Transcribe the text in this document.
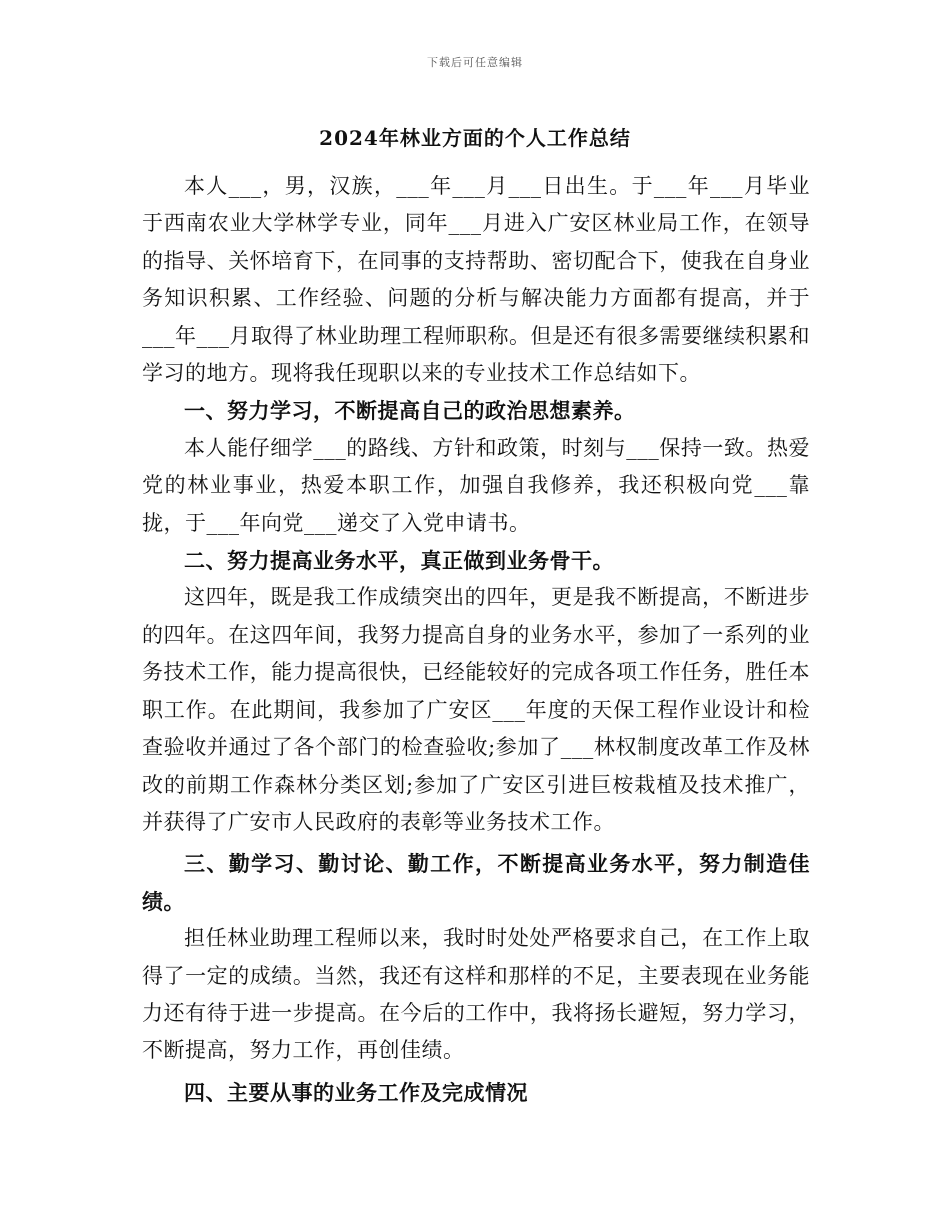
下载后可任意编辑
2024年林业方面的个人工作总结

本人___，男，汉族，___年___月___日出生。于___年___月毕业于西南农业大学林学专业，同年___月进入广安区林业局工作，在领导的指导、关怀培育下，在同事的支持帮助、密切配合下，使我在自身业务知识积累、工作经验、问题的分析与解决能力方面都有提高，并于___年___月取得了林业助理工程师职称。但是还有很多需要继续积累和学习的地方。现将我任现职以来的专业技术工作总结如下。

一、努力学习，不断提高自己的政治思想素养。

本人能仔细学___的路线、方针和政策，时刻与___保持一致。热爱党的林业事业，热爱本职工作，加强自我修养，我还积极向党___靠拢，于___年向党___递交了入党申请书。

二、努力提高业务水平，真正做到业务骨干。

这四年，既是我工作成绩突出的四年，更是我不断提高，不断进步的四年。在这四年间，我努力提高自身的业务水平，参加了一系列的业务技术工作，能力提高很快，已经能较好的完成各项工作任务，胜任本职工作。在此期间，我参加了广安区___年度的天保工程作业设计和检查验收并通过了各个部门的检查验收;参加了___林权制度改革工作及林改的前期工作森林分类区划;参加了广安区引进巨桉栽植及技术推广，并获得了广安市人民政府的表彰等业务技术工作。

三、勤学习、勤讨论、勤工作，不断提高业务水平，努力制造佳绩。

担任林业助理工程师以来，我时时处处严格要求自己，在工作上取得了一定的成绩。当然，我还有这样和那样的不足，主要表现在业务能力还有待于进一步提高。在今后的工作中，我将扬长避短，努力学习，不断提高，努力工作，再创佳绩。

四、主要从事的业务工作及完成情况
